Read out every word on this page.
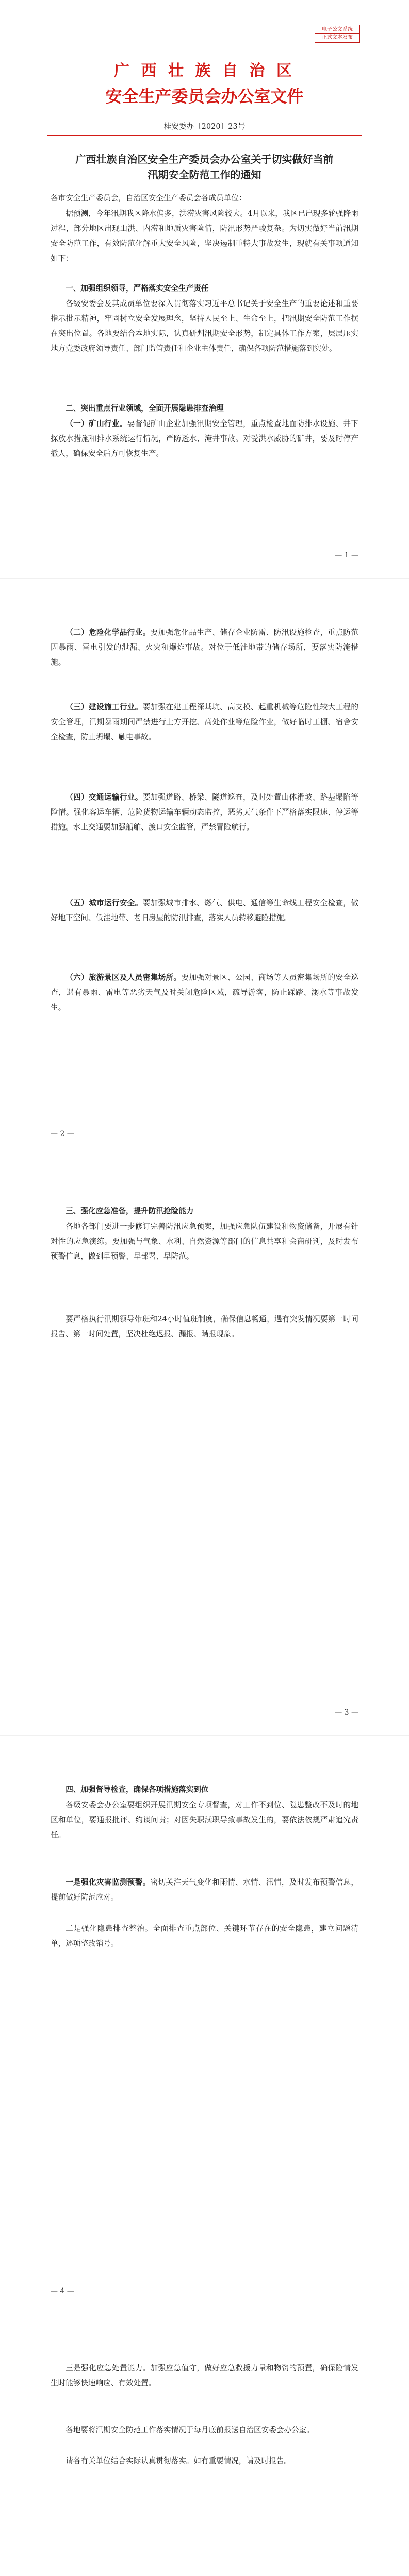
电子公文系统
正式文本发布
广 西 壮 族 自 治 区
安全生产委员会办公室文件
桂安委办〔2020〕23号
广西壮族自治区安全生产委员会办公室关于切实做好当前汛期安全防范工作的通知

各市安全生产委员会，自治区安全生产委员会各成员单位：

据预测，今年汛期我区降水偏多，洪涝灾害风险较大。4月以来，我区已出现多轮强降雨过程，部分地区出现山洪、内涝和地质灾害险情，防汛形势严峻复杂。为切实做好当前汛期安全防范工作，有效防范化解重大安全风险，坚决遏制重特大事故发生，现就有关事项通知如下：

一、加强组织领导，严格落实安全生产责任

各级安委会及其成员单位要深入贯彻落实习近平总书记关于安全生产的重要论述和重要指示批示精神，牢固树立安全发展理念，坚持人民至上、生命至上，把汛期安全防范工作摆在突出位置。各地要结合本地实际，认真研判汛期安全形势，制定具体工作方案，层层压实地方党委政府领导责任、部门监管责任和企业主体责任，确保各项防范措施落到实处。

二、突出重点行业领域，全面开展隐患排查治理

（一）矿山行业。要督促矿山企业加强汛期安全管理，重点检查地面防排水设施、井下探放水措施和排水系统运行情况，严防透水、淹井事故。对受洪水威胁的矿井，要及时停产撤人，确保安全后方可恢复生产。

— 1 —

（二）危险化学品行业。要加强危化品生产、储存企业防雷、防汛设施检查，重点防范因暴雨、雷电引发的泄漏、火灾和爆炸事故。对位于低洼地带的储存场所，要落实防淹措施。

（三）建设施工行业。要加强在建工程深基坑、高支模、起重机械等危险性较大工程的安全管理，汛期暴雨期间严禁进行土方开挖、高处作业等危险作业，做好临时工棚、宿舍安全检查，防止坍塌、触电事故。

（四）交通运输行业。要加强道路、桥梁、隧道巡查，及时处置山体滑坡、路基塌陷等险情。强化客运车辆、危险货物运输车辆动态监控，恶劣天气条件下严格落实限速、停运等措施。水上交通要加强船舶、渡口安全监管，严禁冒险航行。

（五）城市运行安全。要加强城市排水、燃气、供电、通信等生命线工程安全检查，做好地下空间、低洼地带、老旧房屋的防汛排查，落实人员转移避险措施。

（六）旅游景区及人员密集场所。要加强对景区、公园、商场等人员密集场所的安全巡查，遇有暴雨、雷电等恶劣天气及时关闭危险区域，疏导游客，防止踩踏、溺水等事故发生。

— 2 —

三、强化应急准备，提升防汛抢险能力

各地各部门要进一步修订完善防汛应急预案，加强应急队伍建设和物资储备，开展有针对性的应急演练。要加强与气象、水利、自然资源等部门的信息共享和会商研判，及时发布预警信息，做到早预警、早部署、早防范。

要严格执行汛期领导带班和24小时值班制度，确保信息畅通，遇有突发情况要第一时间报告、第一时间处置，坚决杜绝迟报、漏报、瞒报现象。

— 3 —

四、加强督导检查，确保各项措施落实到位

各级安委会办公室要组织开展汛期安全专项督查，对工作不到位、隐患整改不及时的地区和单位，要通报批评、约谈问责；对因失职渎职导致事故发生的，要依法依规严肃追究责任。

一是强化灾害监测预警。密切关注天气变化和雨情、水情、汛情，及时发布预警信息，提前做好防范应对。

二是强化隐患排查整治。全面排查重点部位、关键环节存在的安全隐患，建立问题清单，逐项整改销号。

— 4 —

三是强化应急处置能力。加强应急值守，做好应急救援力量和物资的预置，确保险情发生时能够快速响应、有效处置。

各地要将汛期安全防范工作落实情况于每月底前报送自治区安委会办公室。

请各有关单位结合实际认真贯彻落实。如有重要情况，请及时报告。
